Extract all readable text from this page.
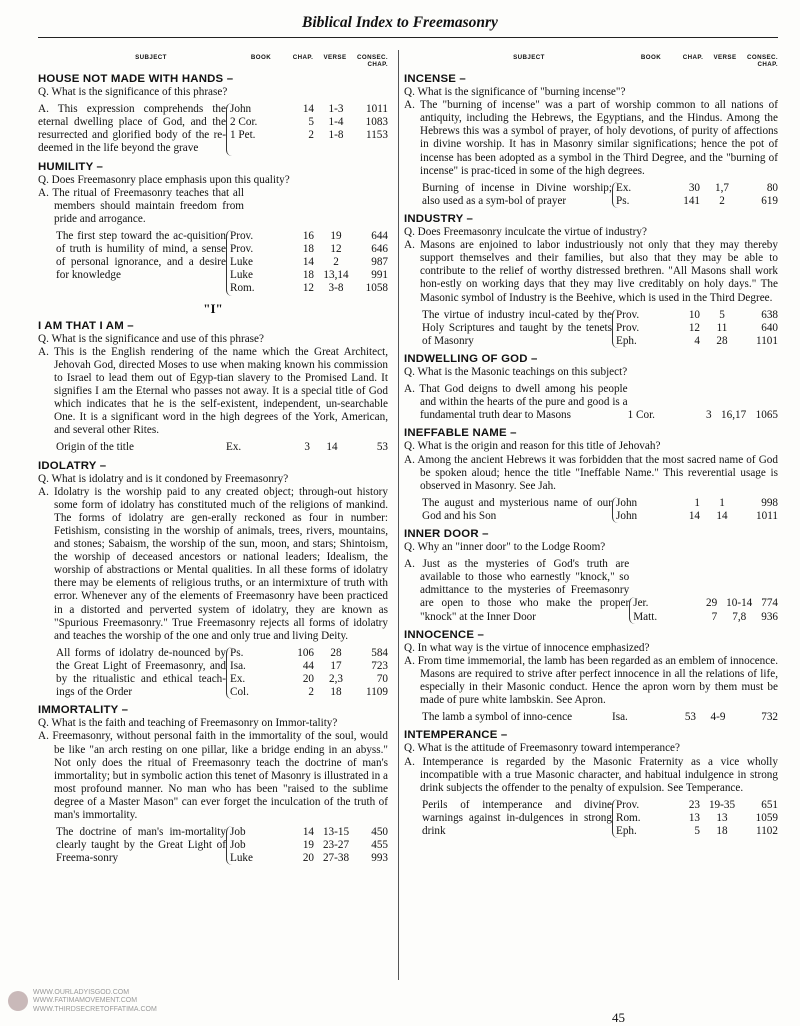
Biblical Index to Freemasonry
SUBJECT	BOOK	CHAP.	VERSE	CONSEC. CHAP.
HOUSE NOT MADE WITH HANDS –
Q. What is the significance of this phrase?
A. This expression comprehends the eternal dwelling place of God, and the resurrected and glorified body of the re-deemed in the life beyond the grave
John	14	1-3	1011
2 Cor.	5	1-4	1083
1 Pet.	2	1-8	1153
HUMILITY –
Q. Does Freemasonry place emphasis upon this quality?
A. The ritual of Freemasonry teaches that all members should maintain freedom from pride and arrogance.
The first step toward the ac-quisition of truth is humility of mind, a sense of personal ignorance, and a desire for knowledge
Prov.	16	19	644
Prov.	18	12	646
Luke	14	2	987
Luke	18 13,14	991
Rom.	12	3-8	1058
"I"
I AM THAT I AM –
Q. What is the significance and use of this phrase?
A. This is the English rendering of the name which the Great Architect, Jehovah God, directed Moses to use when making known his commission to Israel to lead them out of Egyp-tian slavery to the Promised Land. It signifies I am the Eternal who passes not away. It is a special title of God which indicates that he is the self-existent, independent, un-searchable One. It is a significant word in the high degrees of the York, American, and several other Rites.
Origin of the title	Ex.	3	14	53
IDOLATRY –
Q. What is idolatry and is it condoned by Freemasonry?
A. Idolatry is the worship paid to any created object; through-out history some form of idolatry has constituted much of the religions of mankind. The forms of idolatry are gen-erally reckoned as four in number: Fetishism, consisting in the worship of animals, trees, rivers, mountains, and stones; Sabaism, the worship of the sun, moon, and stars; Shintoism, the worship of deceased ancestors or national leaders; Idealism, the worship of abstractions or Mental qualities. In all these forms of idolatry there may be elements of religious truths, or an intermixture of truth with error. Whenever any of the elements of Freemasonry have been practiced in a distorted and perverted system of idolatry, they are known as "Spurious Freemasonry." True Freemasonry rejects all forms of idolatry and teaches the worship of the one and only true and living Deity.
All forms of idolatry de-nounced by the Great Light of Freemasonry, and by the ritualistic and ethical teach-ings of the Order
Ps.	106	28	584
Isa.	44	17	723
Ex.	20	2,3	70
Col.	2	18	1109
IMMORTALITY –
Q. What is the faith and teaching of Freemasonry on Immor-tality?
A. Freemasonry, without personal faith in the immortality of the soul, would be like "an arch resting on one pillar, like a bridge ending in an abyss." Not only does the ritual of Freemasonry teach the doctrine of man's immortality; but in symbolic action this tenet of Masonry is illustrated in a most profound manner. No man who has been "raised to the sublime degree of a Master Mason" can ever forget the inculcation of the truth of man's immortality.
The doctrine of man's im-mortality clearly taught by the Great Light of Freema-sonry
Job	14 13-15	450
Job	19 23-27	455
Luke	20 27-38	993
SUBJECT	BOOK	CHAP.	VERSE	CONSEC. CHAP.
INCENSE –
Q. What is the significance of "burning incense"?
A. The "burning of incense" was a part of worship common to all nations of antiquity, including the Hebrews, the Egyptians, and the Hindus. Among the Hebrews this was a symbol of prayer, of holy devotions, of purity of affections in divine worship. It has in Masonry similar significations; hence the pot of incense has been adopted as a symbol in the Third Degree, and the "burning of incense" is prac-ticed in some of the high degrees.
Burning of incense in Divine worship; also used as a sym-bol of prayer
Ex.	30	1,7	80
Ps.	141	2	619
INDUSTRY –
Q. Does Freemasonry inculcate the virtue of industry?
A. Masons are enjoined to labor industriously not only that they may thereby support themselves and their families, but also that they may be able to contribute to the relief of worthy distressed brethren. "All Masons shall work hon-estly on working days that they may live creditably on holy days." The Masonic symbol of Industry is the Beehive, which is used in the Third Degree.
The virtue of industry incul-cated by the Holy Scriptures and taught by the tenets of Masonry
Prov.	10	5	638
Prov.	12	11	640
Eph.	4	28	1101
INDWELLING OF GOD –
Q. What is the Masonic teachings on this subject?
A. That God deigns to dwell among his people and within the hearts of the pure and good is a fundamental truth dear to Masons	1 Cor.	3 16,17 1065
INEFFABLE NAME –
Q. What is the origin and reason for this title of Jehovah?
A. Among the ancient Hebrews it was forbidden that the most sacred name of God be spoken aloud; hence the title "Ineffable Name." This reverential usage is observed in Masonry. See Jah.
The august and mysterious name of our God and his Son
John	1	1	998
John	14	14	1011
INNER DOOR –
Q. Why an "inner door" to the Lodge Room?
A. Just as the mysteries of God's truth are available to those who earnestly "knock," so admittance to the mysteries of Freemasonry are open to those who make the proper "knock" at the Inner Door
Jer.	29 10-14 774
Matt.	7	7,8	936
INNOCENCE –
Q. In what way is the virtue of innocence emphasized?
A. From time immemorial, the lamb has been regarded as an emblem of innocence. Masons are required to strive after perfect innocence in all the relations of life, especially in their Masonic conduct. Hence the apron worn by them must be made of pure white lambskin. See Apron.
The lamb a symbol of inno-cence	Isa.	53	4-9	732
INTEMPERANCE –
Q. What is the attitude of Freemasonry toward intemperance?
A. Intemperance is regarded by the Masonic Fraternity as a vice wholly incompatible with a true Masonic character, and habitual indulgence in strong drink subjects the offender to the penalty of expulsion. See Temperance.
Perils of intemperance and divine warnings against in-dulgences in strong drink
Prov.	23 19-35	651
Rom.	13	13	1059
Eph.	5	18	1102
45
WWW.OURLADYISGOD.COM
WWW.FATIMAMOVEMENT.COM
WWW.THIRDSECRETOFFATIMA.COM
